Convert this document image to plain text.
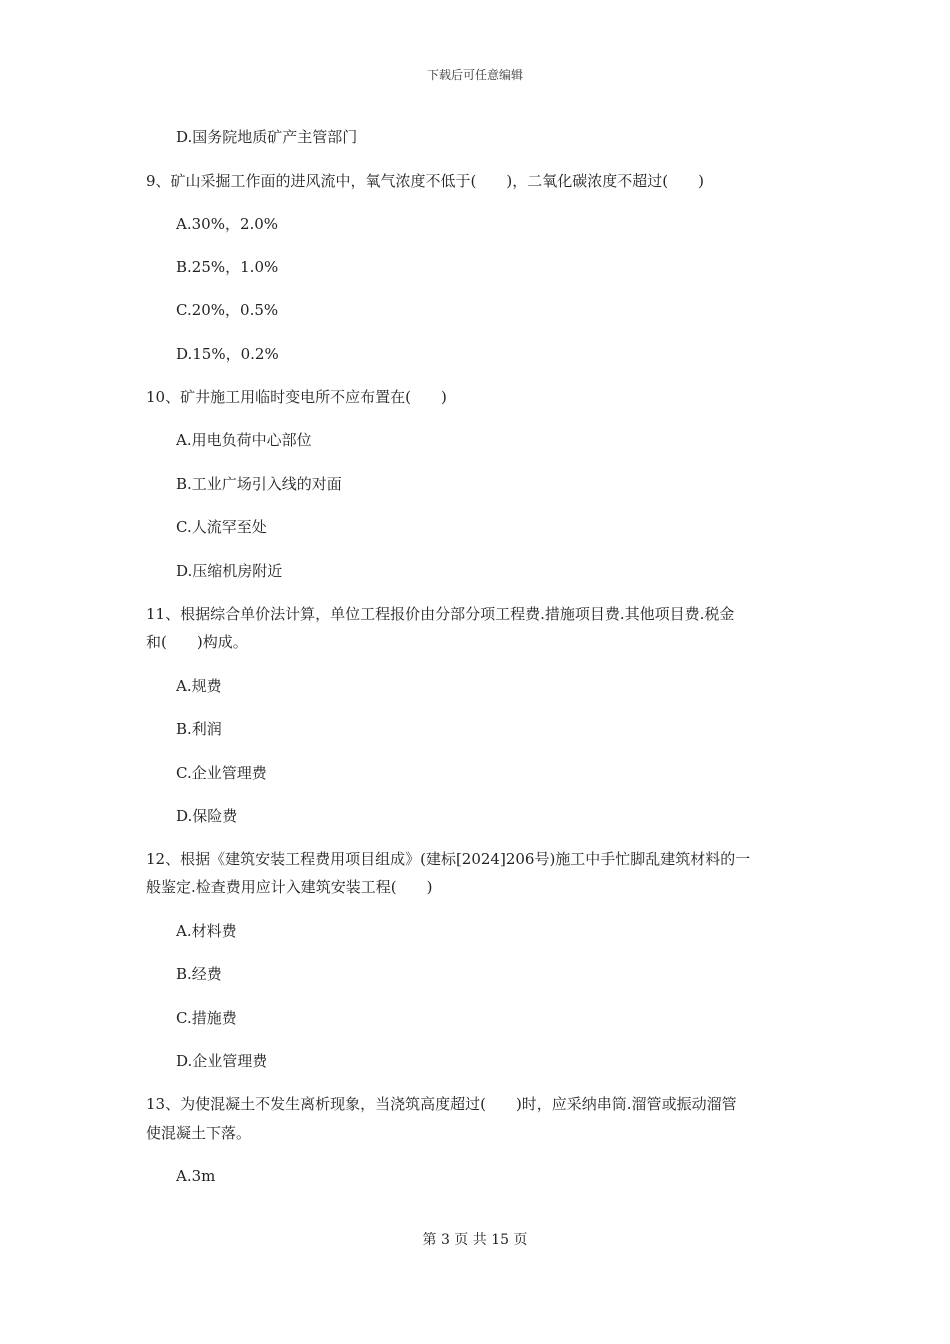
下载后可任意编辑
D.国务院地质矿产主管部门
9、矿山采掘工作面的进风流中，氧气浓度不低于(　　)，二氧化碳浓度不超过(　　)
A.30%，2.0%
B.25%，1.0%
C.20%，0.5%
D.15%，0.2%
10、矿井施工用临时变电所不应布置在(　　)
A.用电负荷中心部位
B.工业广场引入线的对面
C.人流罕至处
D.压缩机房附近
11、根据综合单价法计算，单位工程报价由分部分项工程费.措施项目费.其他项目费.税金
和(　　)构成。
A.规费
B.利润
C.企业管理费
D.保险费
12、根据《建筑安装工程费用项目组成》(建标[2024]206号)施工中手忙脚乱建筑材料的一
般鉴定.检查费用应计入建筑安装工程(　　)
A.材料费
B.经费
C.措施费
D.企业管理费
13、为使混凝土不发生离析现象，当浇筑高度超过(　　)时，应采纳串筒.溜管或振动溜管
使混凝土下落。
A.3m
第 3 页 共 15 页
